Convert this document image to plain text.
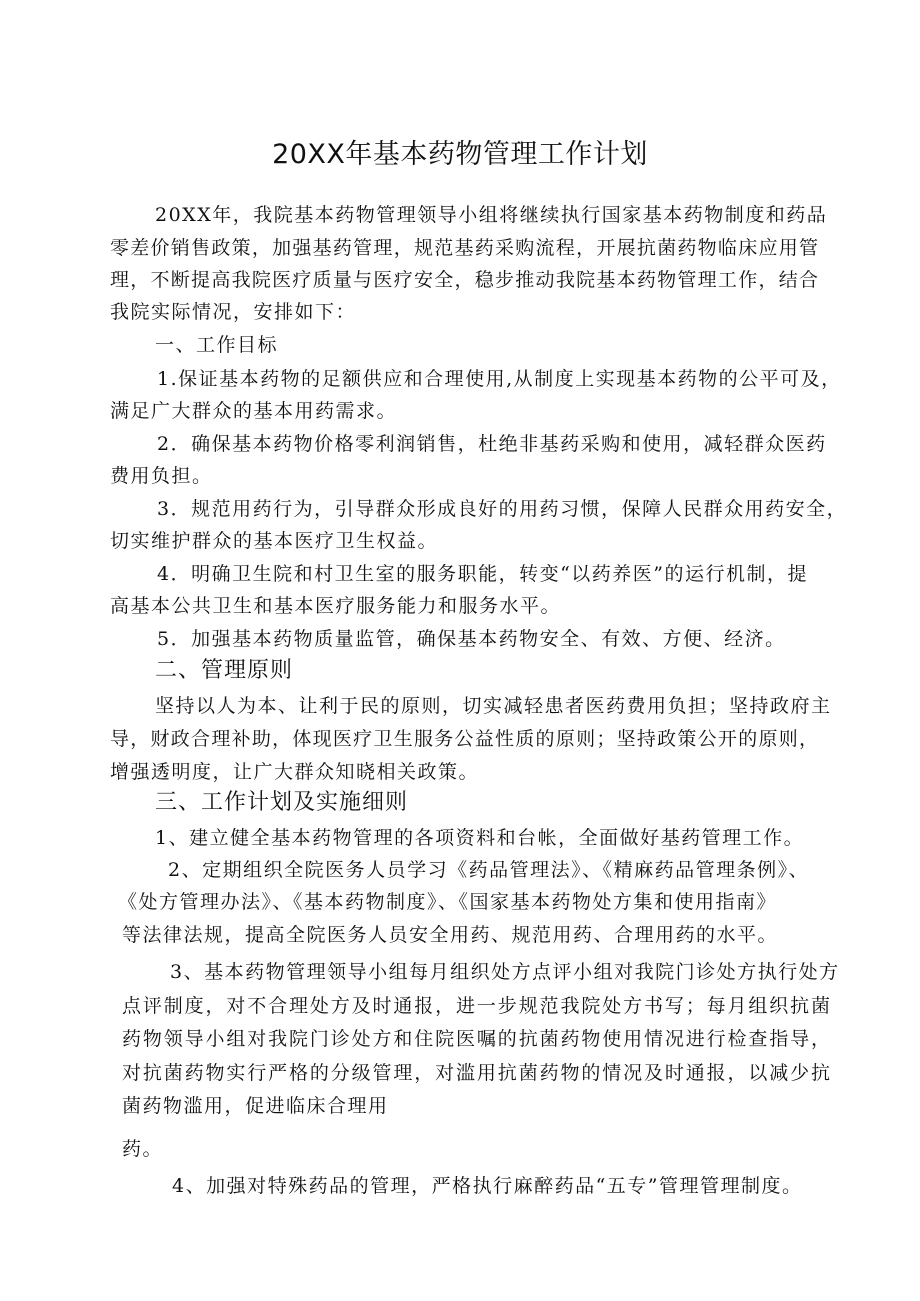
20XX年基本药物管理工作计划
20XX年，我院基本药物管理领导小组将继续执行国家基本药物制度和药品
零差价销售政策，加强基药管理，规范基药采购流程，开展抗菌药物临床应用管
理，不断提高我院医疗质量与医疗安全，稳步推动我院基本药物管理工作，结合
我院实际情况，安排如下：
一、工作目标
1.保证基本药物的足额供应和合理使用,从制度上实现基本药物的公平可及，
满足广大群众的基本用药需求。
2．确保基本药物价格零利润销售，杜绝非基药采购和使用，减轻群众医药
费用负担。
3．规范用药行为，引导群众形成良好的用药习惯，保障人民群众用药安全，
切实维护群众的基本医疗卫生权益。
4．明确卫生院和村卫生室的服务职能，转变“以药养医”的运行机制，提
高基本公共卫生和基本医疗服务能力和服务水平。
5．加强基本药物质量监管，确保基本药物安全、有效、方便、经济。
二、管理原则
坚持以人为本、让利于民的原则，切实减轻患者医药费用负担；坚持政府主
导，财政合理补助，体现医疗卫生服务公益性质的原则；坚持政策公开的原则，
增强透明度，让广大群众知晓相关政策。
三、工作计划及实施细则
1、建立健全基本药物管理的各项资料和台帐，全面做好基药管理工作。
2、定期组织全院医务人员学习《药品管理法》、《精麻药品管理条例》、
《处方管理办法》、《基本药物制度》、《国家基本药物处方集和使用指南》
等法律法规，提高全院医务人员安全用药、规范用药、合理用药的水平。
3、基本药物管理领导小组每月组织处方点评小组对我院门诊处方执行处方
点评制度，对不合理处方及时通报，进一步规范我院处方书写；每月组织抗菌
药物领导小组对我院门诊处方和住院医嘱的抗菌药物使用情况进行检查指导，
对抗菌药物实行严格的分级管理，对滥用抗菌药物的情况及时通报，以减少抗
菌药物滥用，促进临床合理用
药。
4、加强对特殊药品的管理，严格执行麻醉药品“五专”管理管理制度。
